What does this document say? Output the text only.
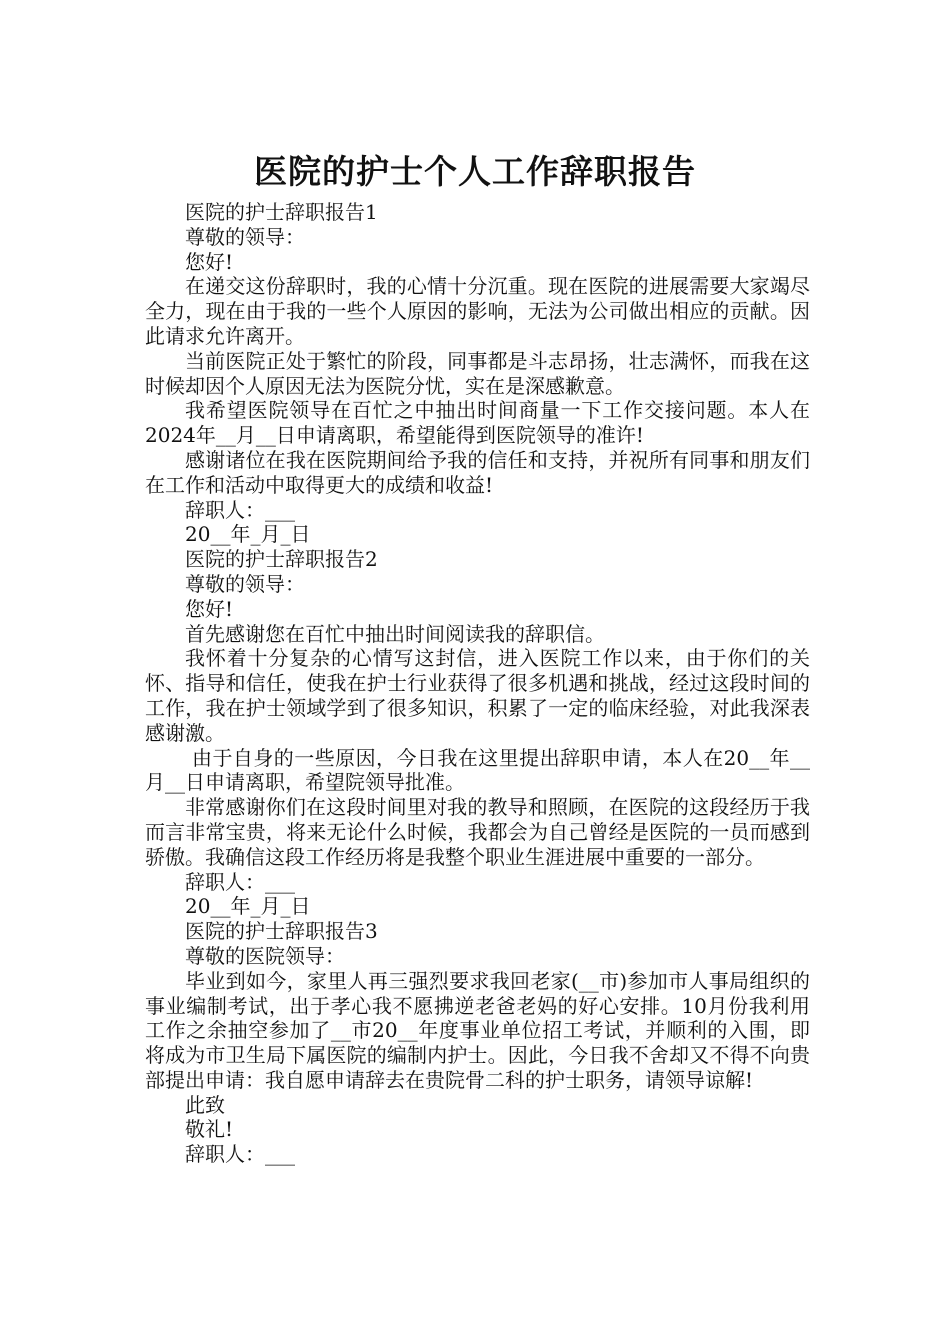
医院的护士个人工作辞职报告

医院的护士辞职报告1

尊敬的领导：

您好!

在递交这份辞职时，我的心情十分沉重。现在医院的进展需要大家竭尽全力，现在由于我的一些个人原因的影响，无法为公司做出相应的贡献。因此请求允许离开。

当前医院正处于繁忙的阶段，同事都是斗志昂扬，壮志满怀，而我在这时候却因个人原因无法为医院分忧，实在是深感歉意。

我希望医院领导在百忙之中抽出时间商量一下工作交接问题。本人在2024年__月__日申请离职，希望能得到医院领导的准许!

感谢诸位在我在医院期间给予我的信任和支持，并祝所有同事和朋友们在工作和活动中取得更大的成绩和收益!

辞职人：___

20__年_月_日

医院的护士辞职报告2

尊敬的领导：

您好!

首先感谢您在百忙中抽出时间阅读我的辞职信。

我怀着十分复杂的心情写这封信，进入医院工作以来，由于你们的关怀、指导和信任，使我在护士行业获得了很多机遇和挑战，经过这段时间的工作，我在护士领域学到了很多知识，积累了一定的临床经验，对此我深表感谢激。

由于自身的一些原因，今日我在这里提出辞职申请，本人在20__年__月__日申请离职，希望院领导批准。

非常感谢你们在这段时间里对我的教导和照顾，在医院的这段经历于我而言非常宝贵，将来无论什么时候，我都会为自己曾经是医院的一员而感到骄傲。我确信这段工作经历将是我整个职业生涯进展中重要的一部分。

辞职人：___

20__年_月_日

医院的护士辞职报告3

尊敬的医院领导：

毕业到如今，家里人再三强烈要求我回老家(__市)参加市人事局组织的事业编制考试，出于孝心我不愿拂逆老爸老妈的好心安排。10月份我利用工作之余抽空参加了__市20__年度事业单位招工考试，并顺利的入围，即将成为市卫生局下属医院的编制内护士。因此，今日我不舍却又不得不向贵部提出申请：我自愿申请辞去在贵院骨二科的护士职务，请领导谅解!

此致

敬礼!

辞职人：___
